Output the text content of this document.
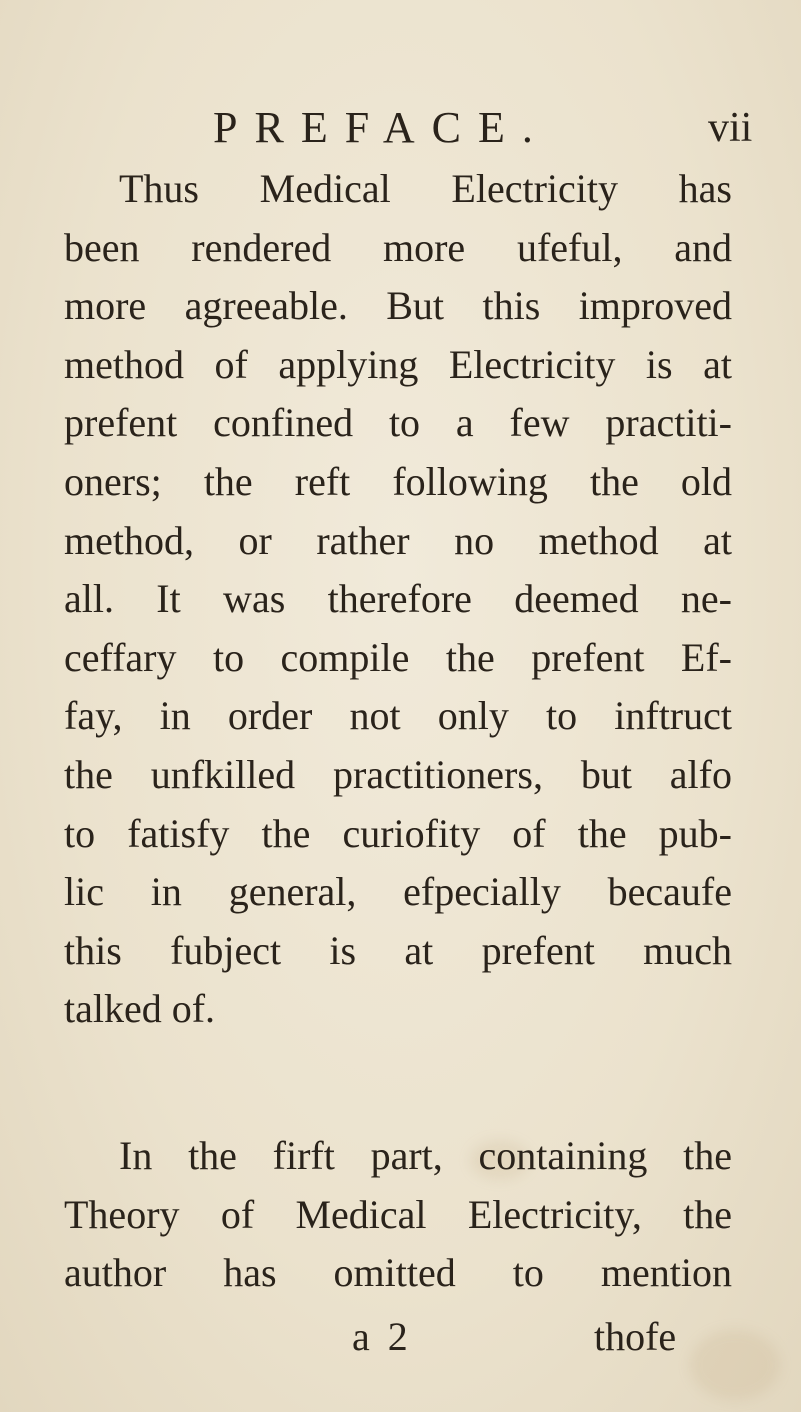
PREFACE.	vii
Thus Medical Electricity has
been rendered more ufeful, and
more agreeable. But this improved
method of applying Electricity is at
prefent confined to a few practiti-
oners; the reft following the old
method, or rather no method at
all. It was therefore deemed ne-
ceffary to compile the prefent Ef-
fay, in order not only to inftruct
the unfkilled practitioners, but alfo
to fatisfy the curiofity of the pub-
lic in general, efpecially becaufe
this fubject is at prefent much
talked of.
In the firft part, containing the
Theory of Medical Electricity, the
author has omitted to mention
a 2	thofe
